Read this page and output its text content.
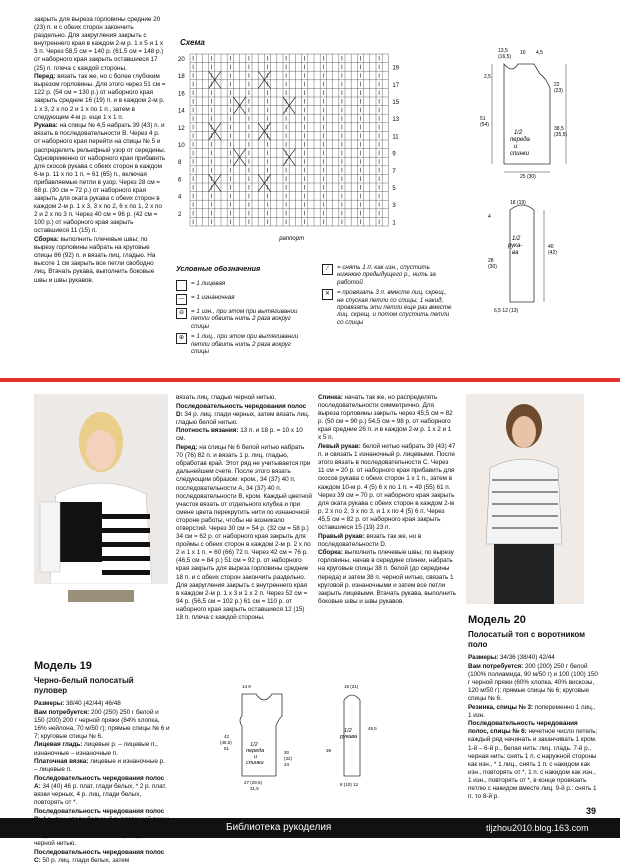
закрыть для выреза горловины средние 20 (23) п. и с обеих сторон закончить раздельно. Для закругления закрыть с внутреннего края в каждом 2-м р. 1 х 5 и 1 х 3 п. Через 58,5 см = 140 р. (61,5 см = 148 р.) от наборного края закрыть оставшиеся 17 (25) п. плеча с каждой стороны.

Перед: вязать так же, но с более глубоким вырезом горловины. Для этого через 51 см = 122 р. (54 см = 130 р.) от наборного края закрыть средние 16 (19) п. и в каждом 2-м р. 1 х 3, 2 х по 2 и 1 х по 1 п., затем в следующем 4-м р. еще 1 х 1 п.

Рукава: на спицы № 4,5 набрать 39 (43) п. и вязать в последовательности B. Через 4 р. от наборного края перейти на спицы № 5 и распределить рельефный узор от середины. Одновременно от наборного края прибавить для скосов рукава с обеих сторон в каждом 6-м р. 11 х по 1 п. = 61 (65) п., включая прибавляемые петли в узор. Через 28 см = 68 р. (30 см = 72 р.) от наборного края закрыть для оката рукава с обеих сторон в каждом 2-м р. 1 х 3, 3 х по 2, 6 х по 1, 2 х по 2 и 2 х по 3 п. Через 40 см = 96 р. (42 см = 100 р.) от наборного края закрыть оставшиеся 11 (15) п.

Сборка: выполнить плечевые швы; по вырезу горловины набрать на круговые спицы 86 (92) п. и вязать лиц. гладью. На высоте 1 см закрыть все петли свободно лиц. Втачать рукава, выполнить боковые швы и швы рукавов.

Схема
20
18
16
14
12
10
8
6
4
2
19
17
15
13
11
9
7
5
3
1
раппорт
Условные обозначения
= 1 лицевая
—	= 1 изнаночная
⊖	= 1 изн., при этом при вытягивании петли обвить нить 2 раза вокруг спицы
⊕	= 1 лиц., при этом при вытягивании петли обвить нить 2 раза вокруг спицы
⁄	= снять 1 п. как изн., спустить нижнюю предыдущего р., нить за работой
✕	= провязать 3 п. вместе лиц. скрещ., не спуская петли со спицы, 1 накид, провязать эти петли еще раз вместе лиц. скрещ. и потом спустить петли со спицы
1/2
переда
и
спинки
13,5
(16,5)
10 4,5
2,5
22
(23)
51
(54)
38,5
(35,5)
25 (30)
1/2
рука-
ва
18 (19)
4
40
(42)
28
(30)
6,5 12 (13)
Модель 19
Черно-белый полосатый пуловер

Размеры: 38/40 (42/44) 46/48

Вам потребуется: 200 (250) 250 г белой и 150 (200) 200 г черной пряжи (84% хлопка, 16% нейлона, 70 м/50 г); прямые спицы № 6 и 7; круговые спицы № 6.

Лицевая гладь: лицевые р. – лицевые п., изнаночные – изнаночные п.

Платочная вязка: лицевые и изнаночные р. – лицевые п.

Последовательность чередования полос A: 34 (40) 46 р. плат. глади белых, * 2 р. плат. вязки черных, 4 р. лиц. глади белых, повторять от *.

Последовательность чередования полос черной нитью.

Последовательность чередования полос C: 50 р. лиц. глади белых, затем

вязать лиц. гладью черной нитью.

Последовательность чередования полос D: 34 р. лиц. глади черных, затем вязать лиц. гладью белой нитью.

Плотность вязания: 13 п. и 18 р. = 10 х 10 см.

Перед: на спицы № 6 белой нитью набрать 70 (76) 82 п. и вязать 1 р. лиц. гладью, обработав край. Этот ряд не учитывается при дальнейшем счете. После этого вязать следующим образом: кром., 34 (37) 40 п. последовательности A, 34 (37) 40 п. последовательности B, кром. Каждый цветной участок вязать от отдельного клубка и при смене цвета перекрутить нити по изнаночной стороне работы, чтобы не возникало отверстий. Через 30 см = 54 р. (32 см = 58 р.) 34 см = 62 р. от наборного края закрыть для проймы с обеих сторон в каждом 2-м р. 2 х по 2 и 1 х 1 п. = 60 (66) 72 п. Через 42 см = 76 р. (46,5 см = 84 р.) 51 см = 92 р. от наборного края закрыть для выреза горловины средние 18 п. и с обеих сторон закончить раздельно. Для закругления закрыть с внутреннего края в каждом 2-м р. 1 х 3 и 1 х 2 п. Через 52 см = 94 р. (56,5 см = 102 р.) 61 см = 110 р. от наборного края закрыть оставшиеся 12 (15) 18 п. плеча с каждой стороны.

Спинка: начать так же, но распределять последовательности симметрично. Для выреза горловины закрыть через 45,5 см = 82 р. (50 см = 90 р.) 54,5 см = 98 р. от наборного края средние 26 п. и в каждом 2-м р. 1 х 2 и 1 х 5 п.

Левый рукав: белой нитью набрать 39 (43) 47 п. и связать 1 изнаночный р. лицевыми. После этого вязать в последовательности C. Через 11 см = 20 р. от наборного края прибавить для скосов рукава с обеих сторон 1 х 1 п., затем в каждом 10-м р. 4 (5) 6 х по 1 п. = 49 (55) 61 п. Через 39 см = 70 р. от наборного края закрыть для оката рукава с обеих сторон в каждом 2-м р. 2 х по 2, 3 х по 3, и 1 х по 4 (5) 6 п. Через 45,5 см = 82 р. от наборного края закрыть оставшиеся 15 (19) 23 п.

Правый рукав: вязать так же, но в последовательности D.

Сборка: выполнить плечевые швы; по вырезу горловины, начав в середине спинки, набрать на круговые спицы 38 п. белой (до середины переда) и затем 38 п. черной нитью, связать 1 круговой р. изнаночными и затем все петли закрыть лицевыми. Втачать рукава, выполнить боковые швы и швы рукавов.

Модель 20
Полосатый топ с воротником поло

Размеры: 34/36 (38/40) 42/44

Вам потребуется: 200 (200) 250 г белой (100% полиамида, 90 м/50 г) и 100 (100) 150 г черной пряжи (60% хлопка, 40% вискозы, 120 м/50 г); прямые спицы № 6; круговые спицы № 6.

Резинка, спицы № 3: попеременно 1 лиц., 1 изн.

Последовательность чередования полос, спицы № 6: нечетное число петель; каждый ряд начинать и заканчивать 1 кром. 1-й – 6-й р., белая нить: лиц. гладь. 7-й р., черная нить: снять 1 п. с наружной стороны как изн., * 1 лиц., снять 1 п. с накидом как изн., повторять от *, 1 п. с накидом как изн., 1 изн., повторять от *, в конце провязать петлю с накидом вместе лиц. 9-й р.: снять 1 п. то 8-й р.

1/2
переда
и
спинки
14 9
42
(46,5)
51
30
(32)
34
27 (29,5)
31,5
1/2
рукава
15 (21)
45,5
39
8 (10) 12
39
Библиотека рукоделия	tljzhou2010.blog.163.com
